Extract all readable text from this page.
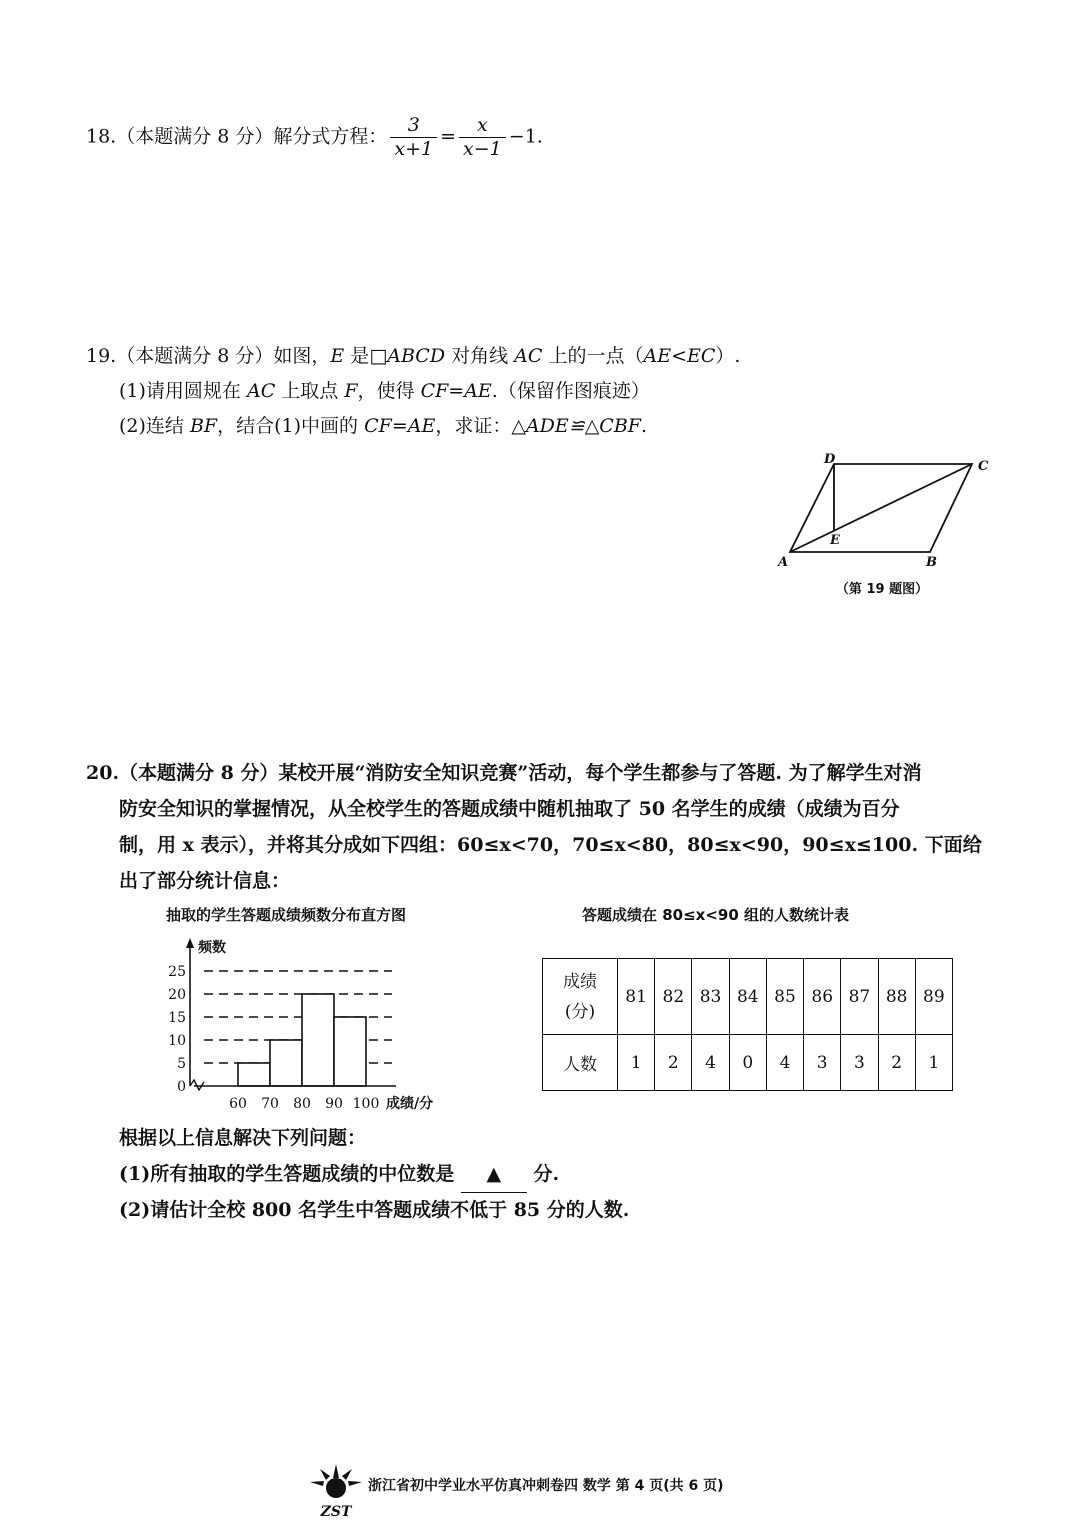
18.（本题满分 8 分）解分式方程： $\frac{3}{x+1} = \frac{x}{x-1} -1$.
19.（本题满分 8 分）如图，E 是□ABCD 对角线 AC 上的一点（AE<EC）.
(1)请用圆规在 AC 上取点 F，使得 CF=AE.（保留作图痕迹）
(2)连结 BF，结合(1)中画的 CF=AE，求证：△ADE≌△CBF.
A	B
C
D
E
（第 19 题图）
20.（本题满分 8 分）某校开展“消防安全知识竞赛”活动，每个学生都参与了答题. 为了解学生对消
防安全知识的掌握情况，从全校学生的答题成绩中随机抽取了 50 名学生的成绩（成绩为百分
制，用 x 表示），并将其分成如下四组：60≤x<70，70≤x<80，80≤x<90，90≤x≤100. 下面给
出了部分统计信息：
抽取的学生答题成绩频数分布直方图
0
5
10
15
20
25
频数
60 70 80 90 100 成绩/分
答题成绩在 80≤x<90 组的人数统计表
成绩
(分)	81	82	83	84	85	86	87	88	89
人数	1	2	4	0	4	3	3	2	1
根据以上信息解决下列问题：
(1)所有抽取的学生答题成绩的中位数是 ▲ 分.
(2)请估计全校 800 名学生中答题成绩不低于 85 分的人数.
ZST
浙江省初中学业水平仿真冲刺卷四 数学 第 4 页(共 6 页)
